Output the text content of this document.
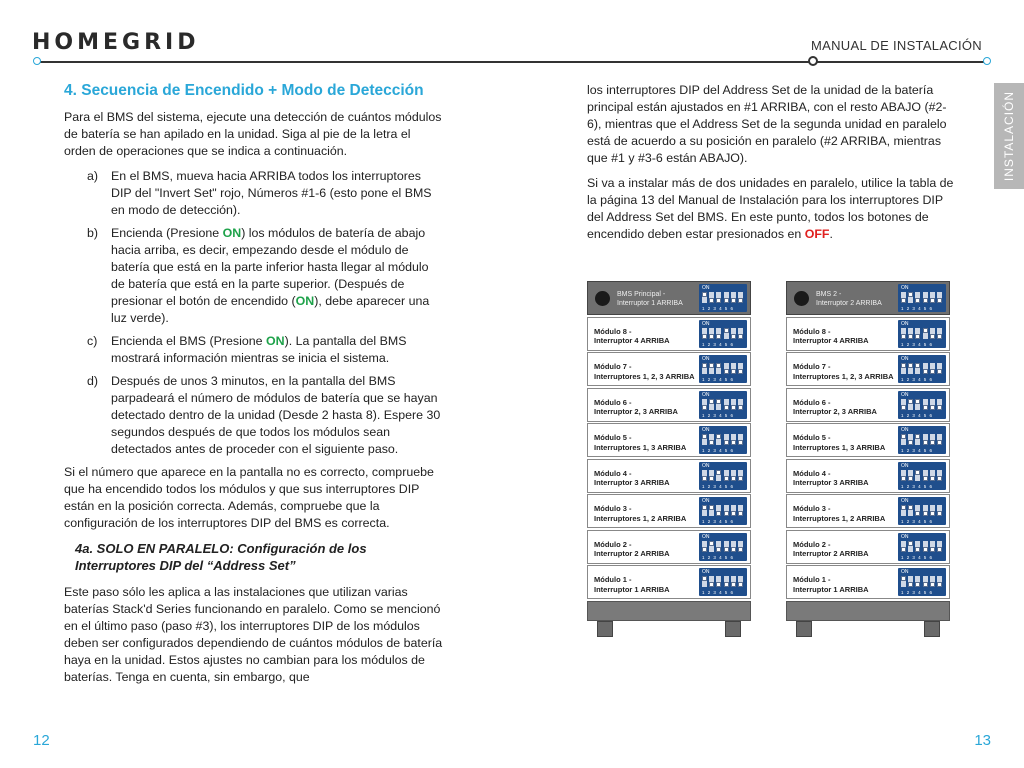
HOMEGRID	MANUAL DE INSTALACIÓN
INSTALACIÓN
4. Secuencia de Encendido + Modo de Detección

Para el BMS del sistema, ejecute una detección de cuántos módulos de batería se han apilado en la unidad. Siga al pie de la letra el orden de operaciones que se indica a continuación.

a)	En el BMS, mueva hacia ARRIBA todos los interruptores DIP del "Invert Set" rojo, Números #1-6 (esto pone el BMS en modo de detección).
b)	Encienda (Presione ON) los módulos de batería de abajo hacia arriba, es decir, empezando desde el módulo de batería que está en la parte inferior hasta llegar al módulo de batería que está en la parte superior. (Después de presionar el botón de encendido (ON), debe aparecer una luz verde).
c)	Encienda el BMS (Presione ON). La pantalla del BMS mostrará información mientras se inicia el sistema.
d)	Después de unos 3 minutos, en la pantalla del BMS parpadeará el número de módulos de batería que se hayan detectado dentro de la unidad (Desde 2 hasta 8). Espere 30 segundos después de que todos los módulos sean detectados antes de proceder con el siguiente paso.

Si el número que aparece en la pantalla no es correcto, compruebe que ha encendido todos los módulos y que sus interruptores DIP están en la posición correcta. Además, compruebe que la configuración de los interruptores DIP del BMS es correcta.

4a. SOLO EN PARALELO: Configuración de los Interruptores DIP del “Address Set”

Este paso sólo les aplica a las instalaciones que utilizan varias baterías Stack'd Series funcionando en paralelo. Como se mencionó en el último paso (paso #3), los interruptores DIP de los módulos deben ser configurados dependiendo de cuántos módulos de batería haya en la unidad. Estos ajustes no cambian para los módulos de baterías. Tenga en cuenta, sin embargo, que

los interruptores DIP del Address Set de la unidad de la batería principal están ajustados en #1 ARRIBA, con el resto ABAJO (#2-6), mientras que el Address Set de la segunda unidad en paralelo está de acuerdo a su posición en paralelo (#2 ARRIBA, mientras que #1 y #3-6 están ABAJO).

Si va a instalar más de dos unidades en paralelo, utilice la tabla de la página 13 del Manual de Instalación para los interruptores DIP del Address Set del BMS. En este punto, todos los botones de encendido deben estar presionados en OFF.

BMS Principal -
Interruptor 1 ARRIBA
ON
123456
Módulo 8 -
Interruptor 4 ARRIBA
ON
123456
Módulo 7 -
Interruptores 1, 2, 3 ARRIBA
ON
123456
Módulo 6 -
Interruptor 2, 3 ARRIBA
ON
123456
Módulo 5 -
Interruptores 1, 3 ARRIBA
ON
123456
Módulo 4 -
Interruptor 3 ARRIBA
ON
123456
Módulo 3 -
Interruptores 1, 2 ARRIBA
ON
123456
Módulo 2 -
Interruptor 2 ARRIBA
ON
123456
Módulo 1 -
Interruptor 1 ARRIBA
ON
123456
BMS 2 -
Interruptor 2 ARRIBA
ON
123456
Módulo 8 -
Interruptor 4 ARRIBA
ON
123456
Módulo 7 -
Interruptores 1, 2, 3 ARRIBA
ON
123456
Módulo 6 -
Interruptor 2, 3 ARRIBA
ON
123456
Módulo 5 -
Interruptores 1, 3 ARRIBA
ON
123456
Módulo 4 -
Interruptor 3 ARRIBA
ON
123456
Módulo 3 -
Interruptores 1, 2 ARRIBA
ON
123456
Módulo 2 -
Interruptor 2 ARRIBA
ON
123456
Módulo 1 -
Interruptor 1 ARRIBA
ON
123456
12	13
